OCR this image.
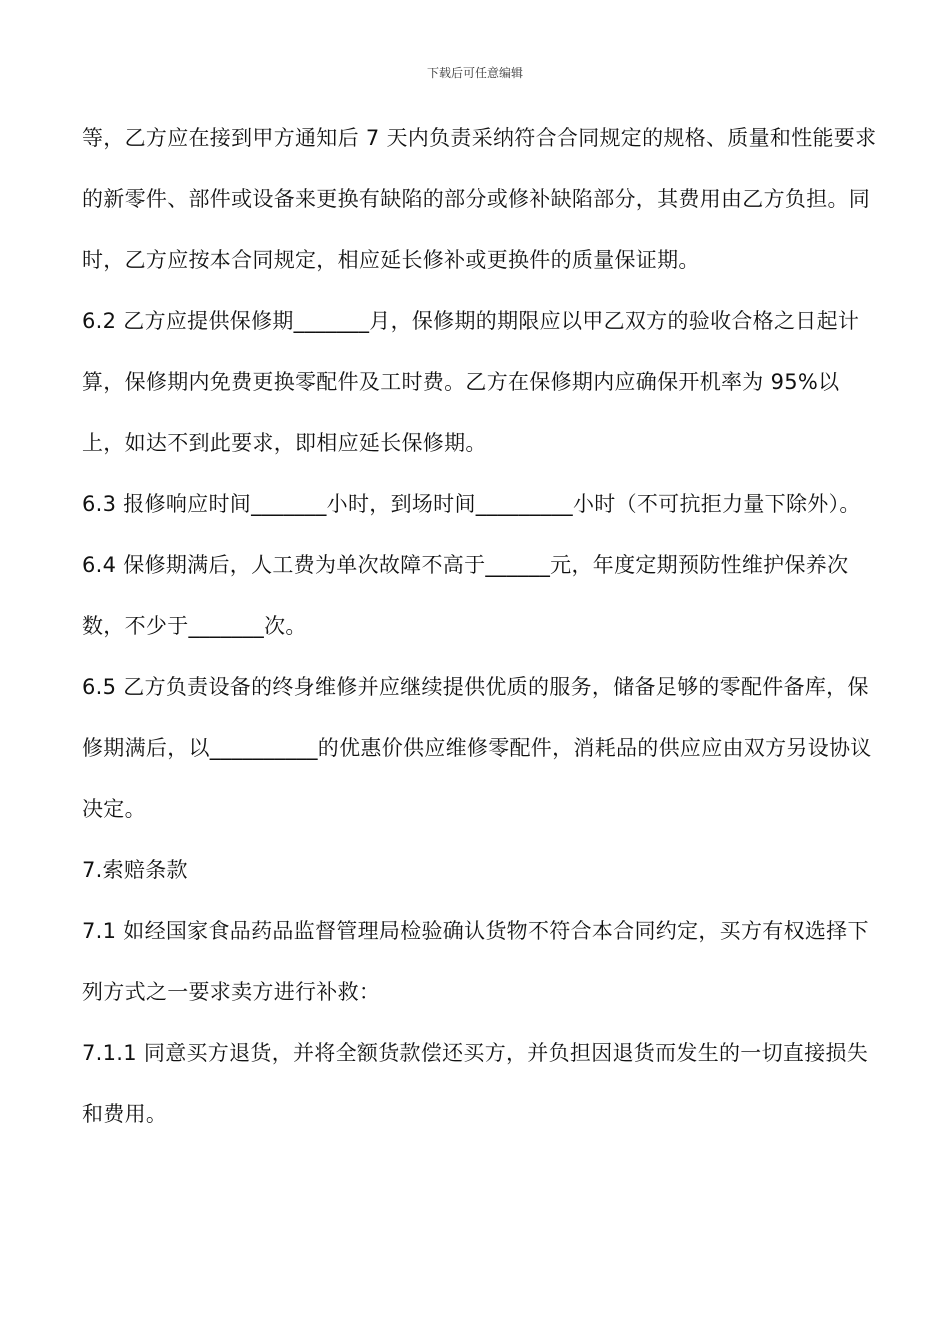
下载后可任意编辑

等，乙方应在接到甲方通知后 7 天内负责采纳符合合同规定的规格、质量和性能要求的新零件、部件或设备来更换有缺陷的部分或修补缺陷部分，其费用由乙方负担。同时，乙方应按本合同规定，相应延长修补或更换件的质量保证期。

6.2 乙方应提供保修期_______月，保修期的期限应以甲乙双方的验收合格之日起计算，保修期内免费更换零配件及工时费。乙方在保修期内应确保开机率为 95%以上，如达不到此要求，即相应延长保修期。

6.3 报修响应时间_______小时，到场时间_________小时（不可抗拒力量下除外）。

6.4 保修期满后，人工费为单次故障不高于______元，年度定期预防性维护保养次数，不少于_______次。

6.5 乙方负责设备的终身维修并应继续提供优质的服务，储备足够的零配件备库，保修期满后，以__________的优惠价供应维修零配件，消耗品的供应应由双方另设协议决定。

7.索赔条款

7.1 如经国家食品药品监督管理局检验确认货物不符合本合同约定，买方有权选择下列方式之一要求卖方进行补救：

7.1.1 同意买方退货，并将全额货款偿还买方，并负担因退货而发生的一切直接损失和费用。
